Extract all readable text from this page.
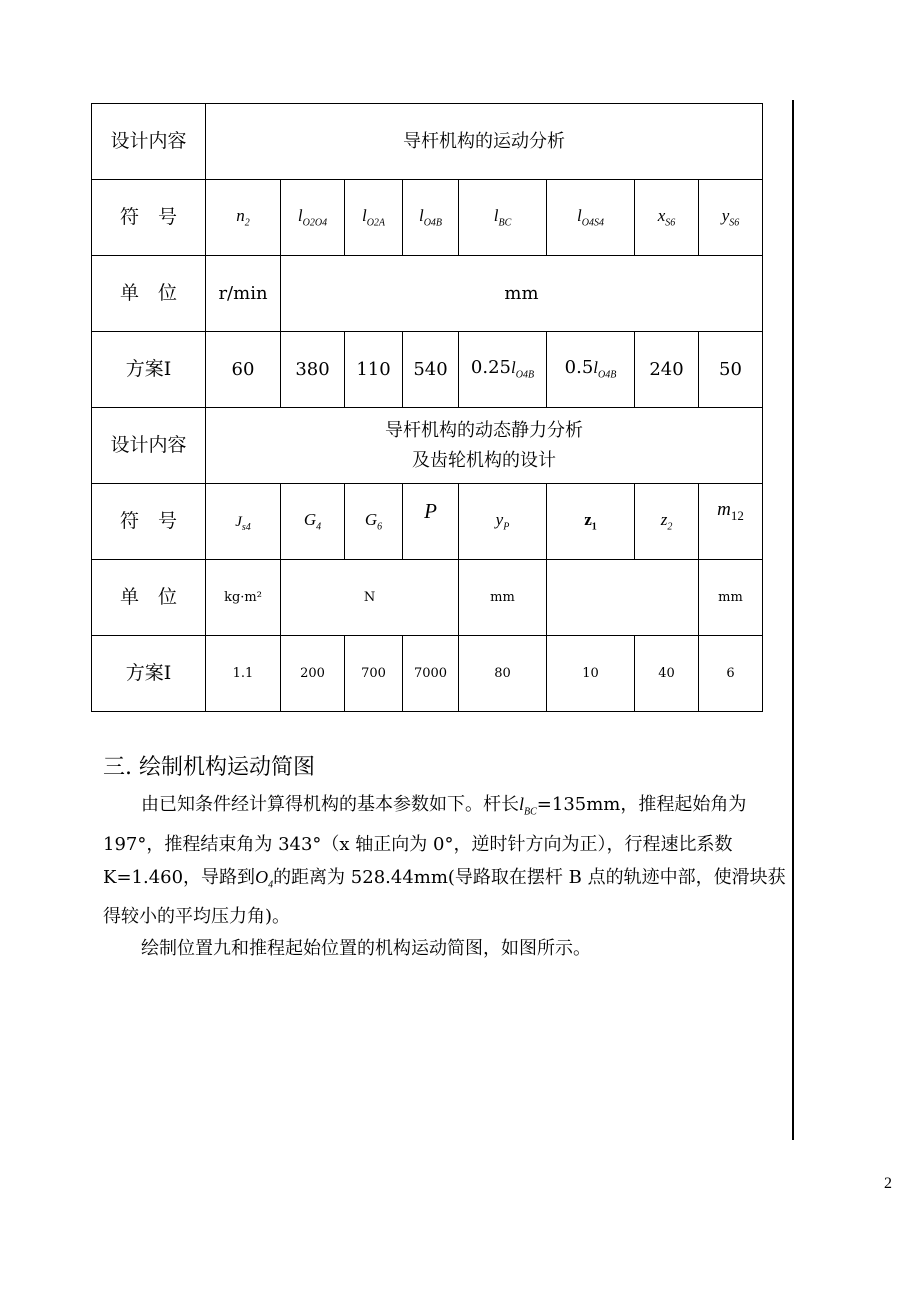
设计内容	导杆机构的运动分析							
符　号	$n_2$	$l_{O2O4}$	$l_{O2A}$	$l_{O4B}$	$l_{BC}$	$l_{O4S4}$	$x_{S6}$	$y_{S6}$
单　位	r/min	mm						
方案Ⅰ	60	380	110	540	$0.25l_{O4B}$	$0.5l_{O4B}$	240	50
设计内容	导杆机构的动态静力分析
及齿轮机构的设计							

符　号	$J_{s4}$	$G_4$	$G_6$	P	$y_P$	$z_1$	$z_2$	$m_{12}$
单　位	kg·m²	N			mm			mm
方案Ⅰ	1.1	200	700	7000	80	10	40	6
三. 绘制机构运动简图

由已知条件经计算得机构的基本参数如下。杆长$l_{BC}=135mm$，推程起始角为 197°，推程结束角为 343°（x 轴正向为 0°，逆时针方向为正），行程速比系数 K=1.460，导路到$O_4$的距离为 528.44mm(导路取在摆杆 B 点的轨迹中部，使滑块获得较小的平均压力角)。

绘制位置九和推程起始位置的机构运动简图，如图所示。

2
